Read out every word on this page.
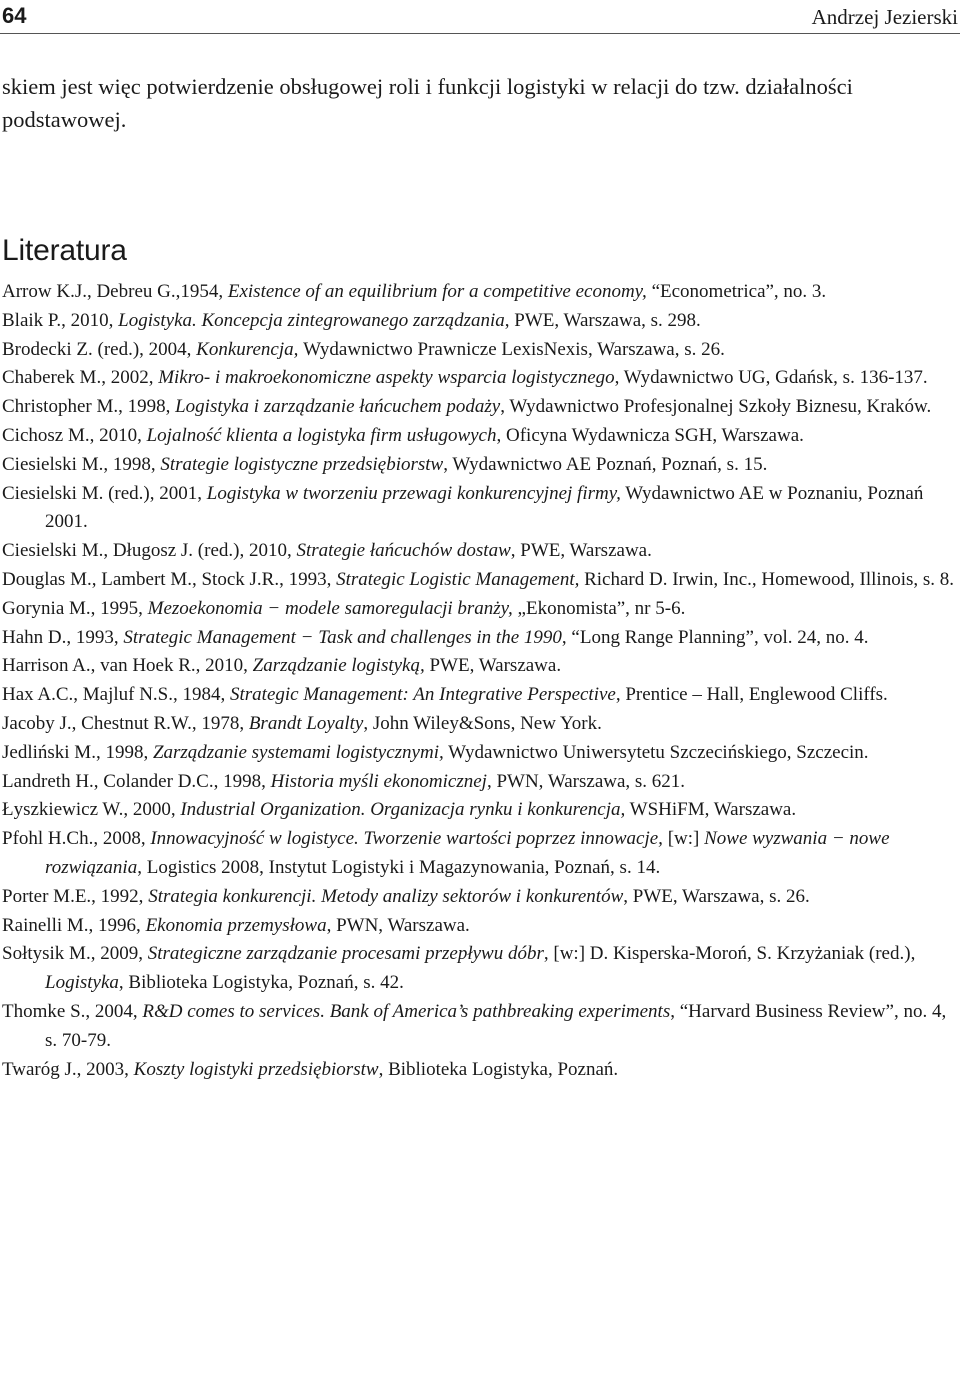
64	Andrzej Jezierski

skiem jest więc potwierdzenie obsługowej roli i funkcji logistyki w relacji do tzw. działalności podstawowej.

Literatura
Arrow K.J., Debreu G.,1954, Existence of an equilibrium for a competitive economy, “Econometrica”, no. 3.
Blaik P., 2010, Logistyka. Koncepcja zintegrowanego zarządzania, PWE, Warszawa, s. 298.
Brodecki Z. (red.), 2004, Konkurencja, Wydawnictwo Prawnicze LexisNexis, Warszawa, s. 26.
Chaberek M., 2002, Mikro- i makroekonomiczne aspekty wsparcia logistycznego, Wydawnictwo UG, Gdańsk, s. 136-137.
Christopher M., 1998, Logistyka i zarządzanie łańcuchem podaży, Wydawnictwo Profesjonalnej Szkoły Biznesu, Kraków.
Cichosz M., 2010, Lojalność klienta a logistyka firm usługowych, Oficyna Wydawnicza SGH, Warszawa.
Ciesielski M., 1998, Strategie logistyczne przedsiębiorstw, Wydawnictwo AE Poznań, Poznań, s. 15.
Ciesielski M. (red.), 2001, Logistyka w tworzeniu przewagi konkurencyjnej firmy, Wydawnictwo AE w Poznaniu, Poznań 2001.
Ciesielski M., Długosz J. (red.), 2010, Strategie łańcuchów dostaw, PWE, Warszawa.
Douglas M., Lambert M., Stock J.R., 1993, Strategic Logistic Management, Richard D. Irwin, Inc., Homewood, Illinois, s. 8.
Gorynia M., 1995, Mezoekonomia − modele samoregulacji branży, „Ekonomista”, nr 5-6.
Hahn D., 1993, Strategic Management − Task and challenges in the 1990, “Long Range Planning”, vol. 24, no. 4.
Harrison A., van Hoek R., 2010, Zarządzanie logistyką, PWE, Warszawa.
Hax A.C., Majluf N.S., 1984, Strategic Management: An Integrative Perspective, Prentice – Hall, Englewood Cliffs.
Jacoby J., Chestnut R.W., 1978, Brandt Loyalty, John Wiley&Sons, New York.
Jedliński M., 1998, Zarządzanie systemami logistycznymi, Wydawnictwo Uniwersytetu Szczecińskiego, Szczecin.
Landreth H., Colander D.C., 1998, Historia myśli ekonomicznej, PWN, Warszawa, s. 621.
Łyszkiewicz W., 2000, Industrial Organization. Organizacja rynku i konkurencja, WSHiFM, Warszawa.
Pfohl H.Ch., 2008, Innowacyjność w logistyce. Tworzenie wartości poprzez innowacje, [w:] Nowe wyzwania − nowe rozwiązania, Logistics 2008, Instytut Logistyki i Magazynowania, Poznań, s. 14.
Porter M.E., 1992, Strategia konkurencji. Metody analizy sektorów i konkurentów, PWE, Warszawa, s. 26.
Rainelli M., 1996, Ekonomia przemysłowa, PWN, Warszawa.
Sołtysik M., 2009, Strategiczne zarządzanie procesami przepływu dóbr, [w:] D. Kisperska-Moroń, S. Krzyżaniak (red.), Logistyka, Biblioteka Logistyka, Poznań, s. 42.
Thomke S., 2004, R&D comes to services. Bank of America’s pathbreaking experiments, “Harvard Business Review”, no. 4, s. 70-79.
Twaróg J., 2003, Koszty logistyki przedsiębiorstw, Biblioteka Logistyka, Poznań.
